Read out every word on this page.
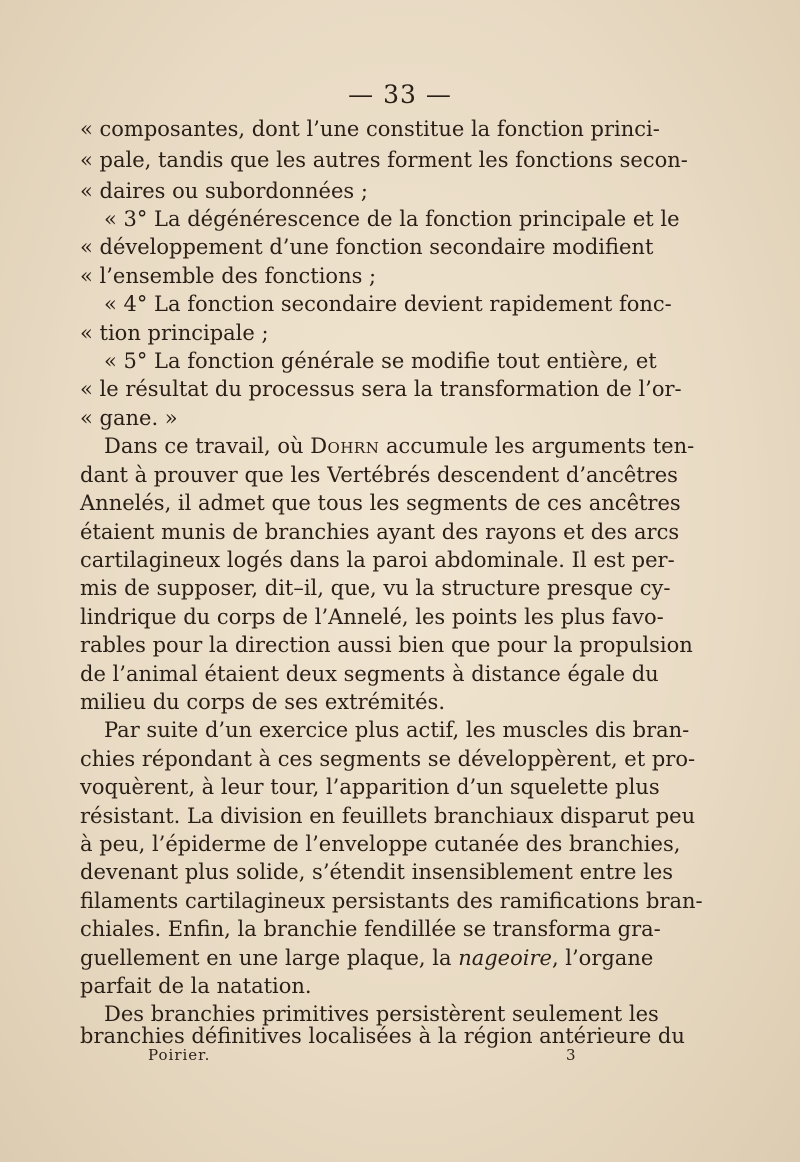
— 33 —
« composantes, dont l’une constitue la fonction princi-
« pale, tandis que les autres forment les fonctions secon-
« daires ou subordonnées ;
« 3° La dégénérescence de la fonction principale et le
« développement d’une fonction secondaire modifient
« l’ensemble des fonctions ;
« 4° La fonction secondaire devient rapidement fonc-
« tion principale ;
« 5° La fonction générale se modifie tout entière, et
« le résultat du processus sera la transformation de l’or-
« gane. »
Dans ce travail, où Dohrn accumule les arguments ten-
dant à prouver que les Vertébrés descendent d’ancêtres
Annelés, il admet que tous les segments de ces ancêtres
étaient munis de branchies ayant des rayons et des arcs
cartilagineux logés dans la paroi abdominale. Il est per-
mis de supposer, dit–il, que, vu la structure presque cy-
lindrique du corps de l’Annelé, les points les plus favo-
rables pour la direction aussi bien que pour la propulsion
de l’animal étaient deux segments à distance égale du
milieu du corps de ses extrémités.
Par suite d’un exercice plus actif, les muscles dis bran-
chies répondant à ces segments se développèrent, et pro-
voquèrent, à leur tour, l’apparition d’un squelette plus
résistant. La division en feuillets branchiaux disparut peu
à peu, l’épiderme de l’enveloppe cutanée des branchies,
devenant plus solide, s’étendit insensiblement entre les
filaments cartilagineux persistants des ramifications bran-
chiales. Enfin, la branchie fendillée se transforma gra-
guellement en une large plaque, la nageoire, l’organe
parfait de la natation.
Des branchies primitives persistèrent seulement les
branchies définitives localisées à la région antérieure du
Poirier.	3
